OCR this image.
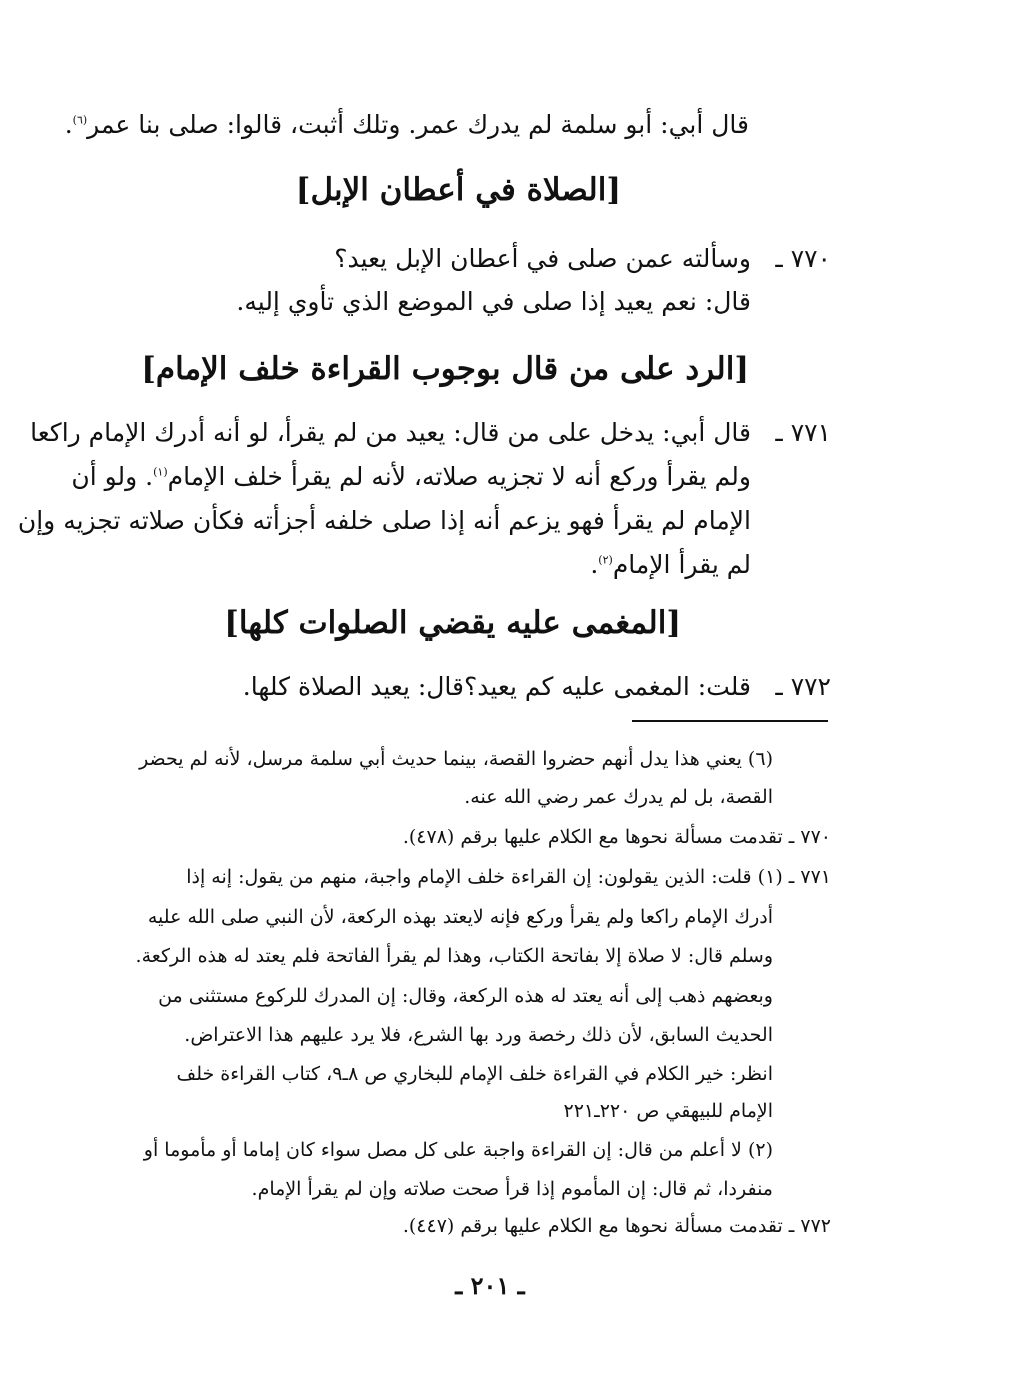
قال أبي: أبو سلمة لم يدرك عمر. وتلك أثبت، قالوا: صلى بنا عمر$^{(٦)}$.
[الصلاة في أعطان الإبل]
٧٧٠ ـ
وسألته عمن صلى في أعطان الإبل يعيد؟
قال: نعم يعيد إذا صلى في الموضع الذي تأوي إليه.
[الرد على من قال بوجوب القراءة خلف الإمام]
٧٧١ ـ
قال أبي: يدخل على من قال: يعيد من لم يقرأ، لو أنه أدرك الإمام راكعا
ولم يقرأ وركع أنه لا تجزيه صلاته، لأنه لم يقرأ خلف الإمام$^{(١)}$. ولو أن
الإمام لم يقرأ فهو يزعم أنه إذا صلى خلفه أجزأته فكأن صلاته تجزيه وإن
لم يقرأ الإمام$^{(٢)}$.
[المغمى عليه يقضي الصلوات كلها]
٧٧٢ ـ
قلت: المغمى عليه كم يعيد؟قال: يعيد الصلاة كلها.
(٦) يعني هذا يدل أنهم حضروا القصة، بينما حديث أبي سلمة مرسل، لأنه لم يحضر
القصة، بل لم يدرك عمر رضي الله عنه.
٧٧٠ ـ تقدمت مسألة نحوها مع الكلام عليها برقم (٤٧٨).
٧٧١ ـ (١) قلت: الذين يقولون: إن القراءة خلف الإمام واجبة، منهم من يقول: إنه إذا
أدرك الإمام راكعا ولم يقرأ وركع فإنه لايعتد بهذه الركعة، لأن النبي صلى الله عليه
وسلم قال: لا صلاة إلا بفاتحة الكتاب، وهذا لم يقرأ الفاتحة فلم يعتد له هذه الركعة.
وبعضهم ذهب إلى أنه يعتد له هذه الركعة، وقال: إن المدرك للركوع مستثنى من
الحديث السابق، لأن ذلك رخصة ورد بها الشرع، فلا يرد عليهم هذا الاعتراض.
انظر: خير الكلام في القراءة خلف الإمام للبخاري ص ٨ـ٩، كتاب القراءة خلف
الإمام للبيهقي ص ٢٢٠ـ٢٢١
(٢) لا أعلم من قال: إن القراءة واجبة على كل مصل سواء كان إماما أو مأموما أو
منفردا، ثم قال: إن المأموم إذا قرأ صحت صلاته وإن لم يقرأ الإمام.
٧٧٢ ـ تقدمت مسألة نحوها مع الكلام عليها برقم (٤٤٧).
ـ ٢٠١ ـ
